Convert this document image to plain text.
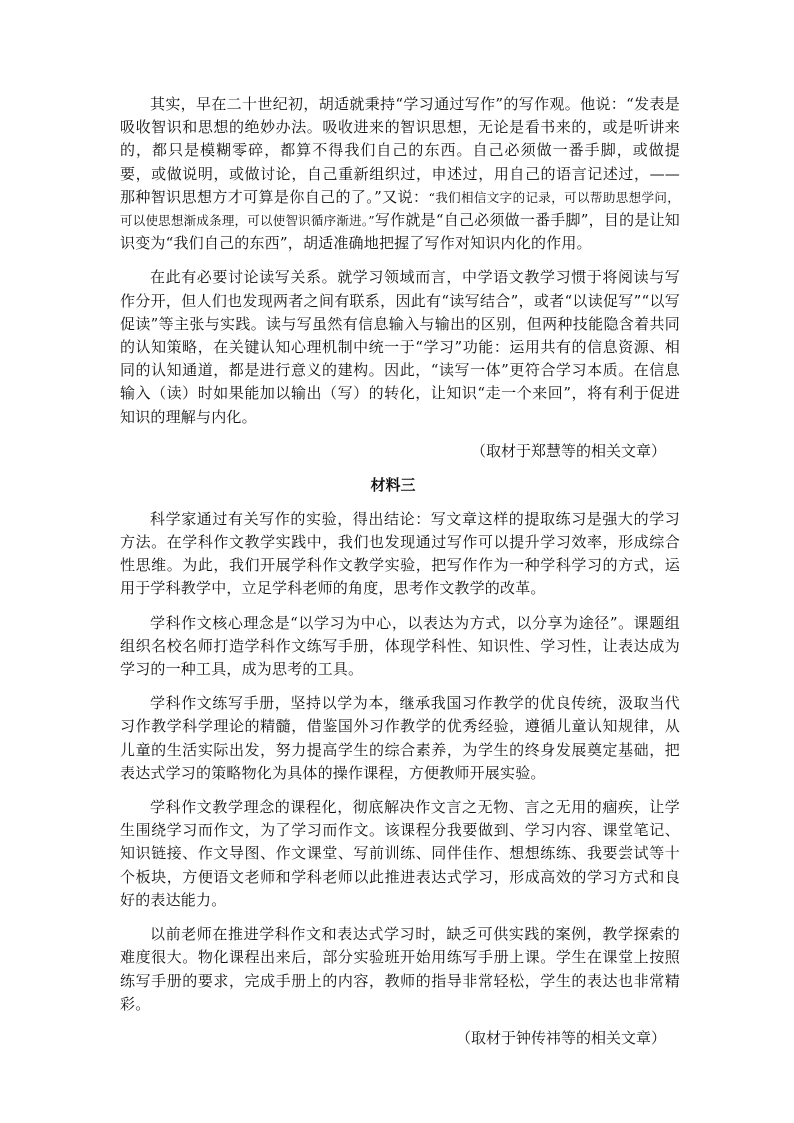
其实，早在二十世纪初，胡适就秉持“学习通过写作”的写作观。他说：“发表是吸收智识和思想的绝妙办法。吸收进来的智识思想，无论是看书来的，或是听讲来的，都只是模糊零碎，都算不得我们自己的东西。自己必须做一番手脚，或做提要，或做说明，或做讨论，自己重新组织过，申述过，用自己的语言记述过，——那种智识思想方才可算是你自己的了。”又说：“我们相信文字的记录，可以帮助思想学问，可以使思想渐成条理，可以使智识循序渐进。”写作就是“自己必须做一番手脚”，目的是让知识变为“我们自己的东西”，胡适准确地把握了写作对知识内化的作用。

在此有必要讨论读写关系。就学习领域而言，中学语文教学习惯于将阅读与写作分开，但人们也发现两者之间有联系，因此有“读写结合”，或者“以读促写”“以写促读”等主张与实践。读与写虽然有信息输入与输出的区别，但两种技能隐含着共同的认知策略，在关键认知心理机制中统一于“学习”功能：运用共有的信息资源、相同的认知通道，都是进行意义的建构。因此，“读写一体”更符合学习本质。在信息输入（读）时如果能加以输出（写）的转化，让知识“走一个来回”，将有利于促进知识的理解与内化。

（取材于郑慧等的相关文章）

材料三

科学家通过有关写作的实验，得出结论：写文章这样的提取练习是强大的学习方法。在学科作文教学实践中，我们也发现通过写作可以提升学习效率，形成综合性思维。为此，我们开展学科作文教学实验，把写作作为一种学科学习的方式，运用于学科教学中，立足学科老师的角度，思考作文教学的改革。

学科作文核心理念是“以学习为中心，以表达为方式，以分享为途径”。课题组组织名校名师打造学科作文练写手册，体现学科性、知识性、学习性，让表达成为学习的一种工具，成为思考的工具。

学科作文练写手册，坚持以学为本，继承我国习作教学的优良传统，汲取当代习作教学科学理论的精髓，借鉴国外习作教学的优秀经验，遵循儿童认知规律，从儿童的生活实际出发，努力提高学生的综合素养，为学生的终身发展奠定基础，把表达式学习的策略物化为具体的操作课程，方便教师开展实验。

学科作文教学理念的课程化，彻底解决作文言之无物、言之无用的痼疾，让学生围绕学习而作文，为了学习而作文。该课程分我要做到、学习内容、课堂笔记、知识链接、作文导图、作文课堂、写前训练、同伴佳作、想想练练、我要尝试等十个板块，方便语文老师和学科老师以此推进表达式学习，形成高效的学习方式和良好的表达能力。

以前老师在推进学科作文和表达式学习时，缺乏可供实践的案例，教学探索的难度很大。物化课程出来后，部分实验班开始用练写手册上课。学生在课堂上按照练写手册的要求，完成手册上的内容，教师的指导非常轻松，学生的表达也非常精彩。

（取材于钟传祎等的相关文章）
